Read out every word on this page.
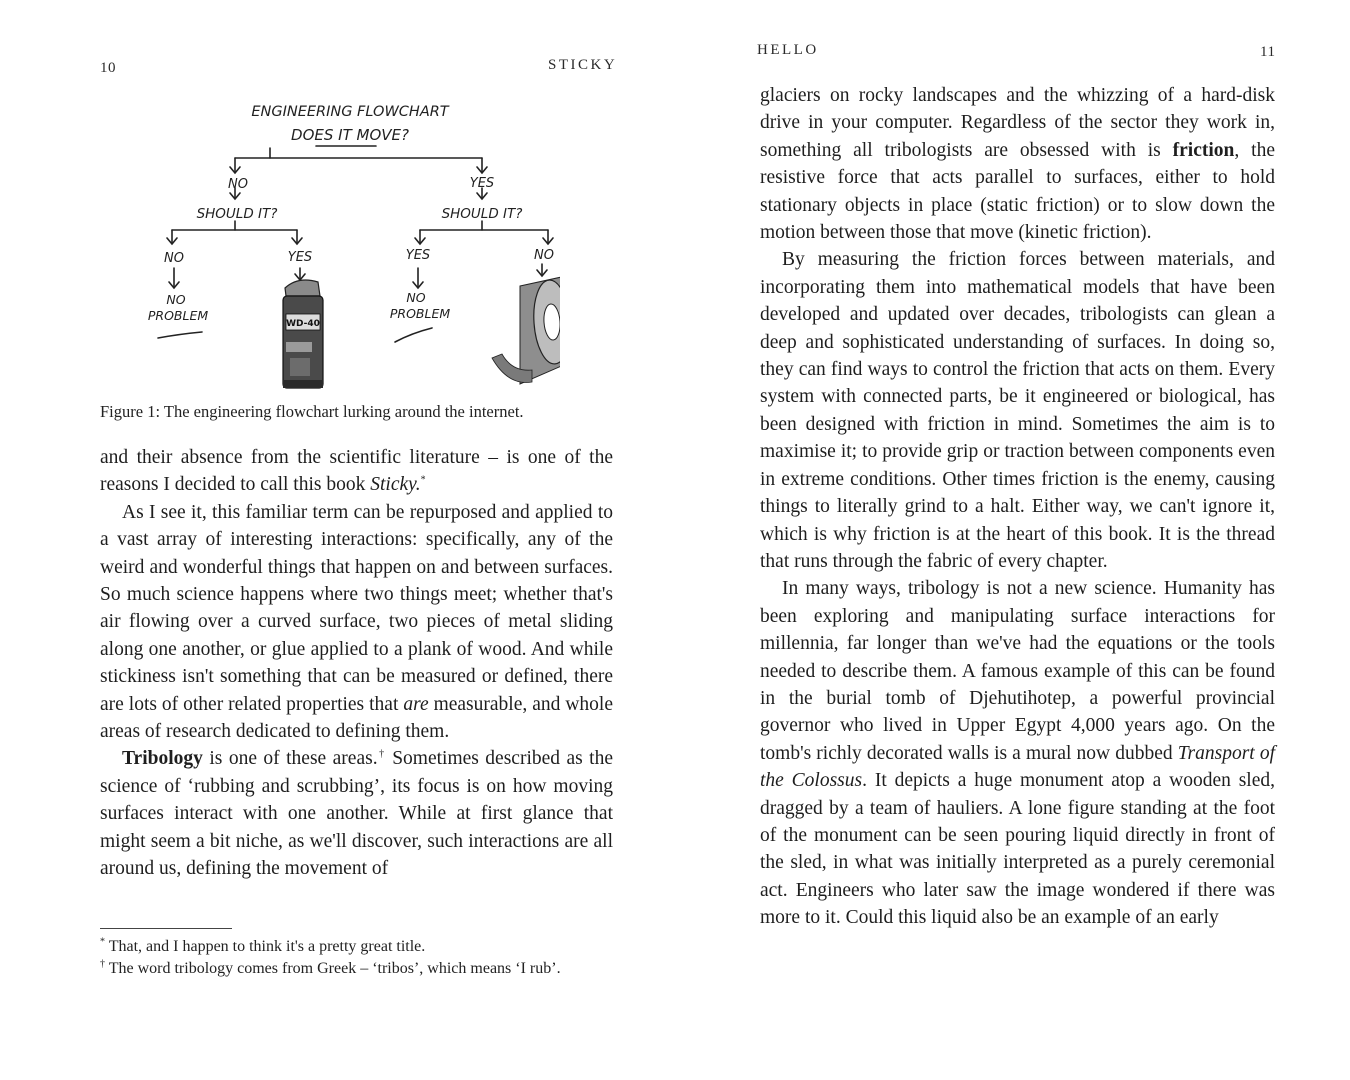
10	STICKY
ENGINEERING FLOWCHART
DOES IT MOVE?
NO	YES
SHOULD IT?	SHOULD IT?
NO	YES	YES	NO
NO
PROBLEM
NO
PROBLEM
WD-40
Figure 1: The engineering flowchart lurking around the internet.

and their absence from the scientific literature – is one of the reasons I decided to call this book Sticky.*

As I see it, this familiar term can be repurposed and applied to a vast array of interesting interactions: specifically, any of the weird and wonderful things that happen on and between surfaces. So much science happens where two things meet; whether that's air flowing over a curved surface, two pieces of metal sliding along one another, or glue applied to a plank of wood. And while stickiness isn't something that can be measured or defined, there are lots of other related properties that are measurable, and whole areas of research dedicated to defining them.

Tribology is one of these areas.† Sometimes described as the science of ‘rubbing and scrubbing’, its focus is on how moving surfaces interact with one another. While at first glance that might seem a bit niche, as we'll discover, such interactions are all around us, defining the movement of

* That, and I happen to think it's a pretty great title.

† The word tribology comes from Greek – ‘tribos’, which means ‘I rub’.

HELLO	11

glaciers on rocky landscapes and the whizzing of a hard-disk drive in your computer. Regardless of the sector they work in, something all tribologists are obsessed with is friction, the resistive force that acts parallel to surfaces, either to hold stationary objects in place (static friction) or to slow down the motion between those that move (kinetic friction).

By measuring the friction forces between materials, and incorporating them into mathematical models that have been developed and updated over decades, tribologists can glean a deep and sophisticated understanding of surfaces. In doing so, they can find ways to control the friction that acts on them. Every system with connected parts, be it engineered or biological, has been designed with friction in mind. Sometimes the aim is to maximise it; to provide grip or traction between components even in extreme conditions. Other times friction is the enemy, causing things to literally grind to a halt. Either way, we can't ignore it, which is why friction is at the heart of this book. It is the thread that runs through the fabric of every chapter.

In many ways, tribology is not a new science. Humanity has been exploring and manipulating surface interactions for millennia, far longer than we've had the equations or the tools needed to describe them. A famous example of this can be found in the burial tomb of Djehutihotep, a powerful provincial governor who lived in Upper Egypt 4,000 years ago. On the tomb's richly decorated walls is a mural now dubbed Transport of the Colossus. It depicts a huge monument atop a wooden sled, dragged by a team of hauliers. A lone figure standing at the foot of the monument can be seen pouring liquid directly in front of the sled, in what was initially interpreted as a purely ceremonial act. Engineers who later saw the image wondered if there was more to it. Could this liquid also be an example of an early
